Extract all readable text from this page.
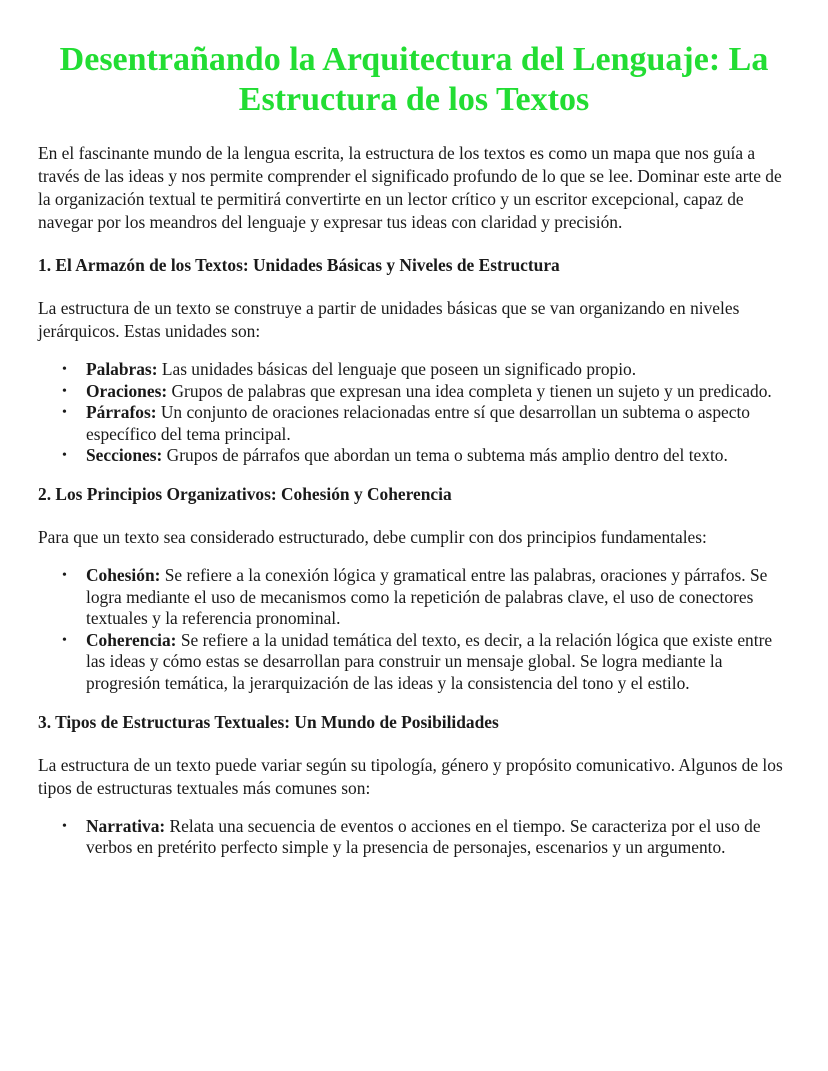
Desentrañando la Arquitectura del Lenguaje: La Estructura de los Textos

En el fascinante mundo de la lengua escrita, la estructura de los textos es como un mapa que nos guía a través de las ideas y nos permite comprender el significado profundo de lo que se lee. Dominar este arte de la organización textual te permitirá convertirte en un lector crítico y un escritor excepcional, capaz de navegar por los meandros del lenguaje y expresar tus ideas con claridad y precisión.

1. El Armazón de los Textos: Unidades Básicas y Niveles de Estructura

La estructura de un texto se construye a partir de unidades básicas que se van organizando en niveles jerárquicos. Estas unidades son:

• Palabras: Las unidades básicas del lenguaje que poseen un significado propio.
• Oraciones: Grupos de palabras que expresan una idea completa y tienen un sujeto y un predicado.
• Párrafos: Un conjunto de oraciones relacionadas entre sí que desarrollan un subtema o aspecto específico del tema principal.
• Secciones: Grupos de párrafos que abordan un tema o subtema más amplio dentro del texto.
2. Los Principios Organizativos: Cohesión y Coherencia

Para que un texto sea considerado estructurado, debe cumplir con dos principios fundamentales:

• Cohesión: Se refiere a la conexión lógica y gramatical entre las palabras, oraciones y párrafos. Se logra mediante el uso de mecanismos como la repetición de palabras clave, el uso de conectores textuales y la referencia pronominal.
• Coherencia: Se refiere a la unidad temática del texto, es decir, a la relación lógica que existe entre las ideas y cómo estas se desarrollan para construir un mensaje global. Se logra mediante la progresión temática, la jerarquización de las ideas y la consistencia del tono y el estilo.
3. Tipos de Estructuras Textuales: Un Mundo de Posibilidades

La estructura de un texto puede variar según su tipología, género y propósito comunicativo. Algunos de los tipos de estructuras textuales más comunes son:

• Narrativa: Relata una secuencia de eventos o acciones en el tiempo. Se caracteriza por el uso de verbos en pretérito perfecto simple y la presencia de personajes, escenarios y un argumento.
